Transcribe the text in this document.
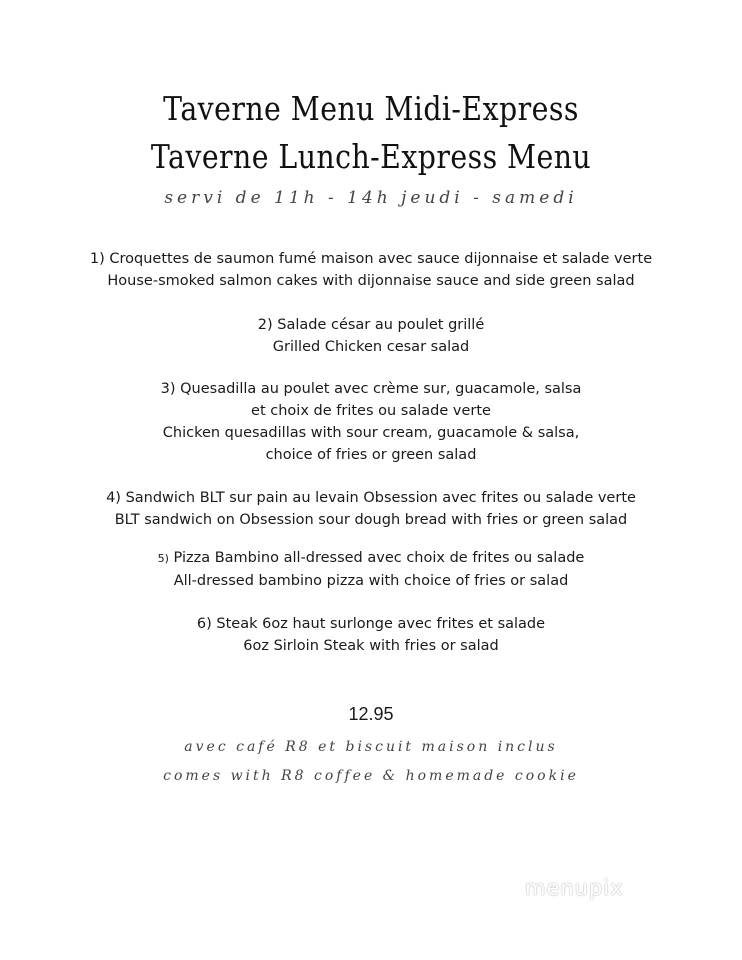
Taverne Menu Midi-Express
Taverne Lunch-Express Menu
servi de 11h - 14h jeudi - samedi
1) Croquettes de saumon fumé maison avec sauce dijonnaise et salade verte
House-smoked salmon cakes with dijonnaise sauce and side green salad
2) Salade césar au poulet grillé
Grilled Chicken cesar salad
3) Quesadilla au poulet avec crème sur, guacamole, salsa
et choix de frites ou salade verte
Chicken quesadillas with sour cream, guacamole & salsa,
choice of fries or green salad
4) Sandwich BLT sur pain au levain Obsession avec frites ou salade verte
BLT sandwich on Obsession sour dough bread with fries or green salad
5) Pizza Bambino all-dressed avec choix de frites ou salade
All-dressed bambino pizza with choice of fries or salad
6) Steak 6oz haut surlonge avec frites et salade
6oz Sirloin Steak with fries or salad
12.95
avec café R8 et biscuit maison inclus
comes with R8 coffee & homemade cookie
menupix
